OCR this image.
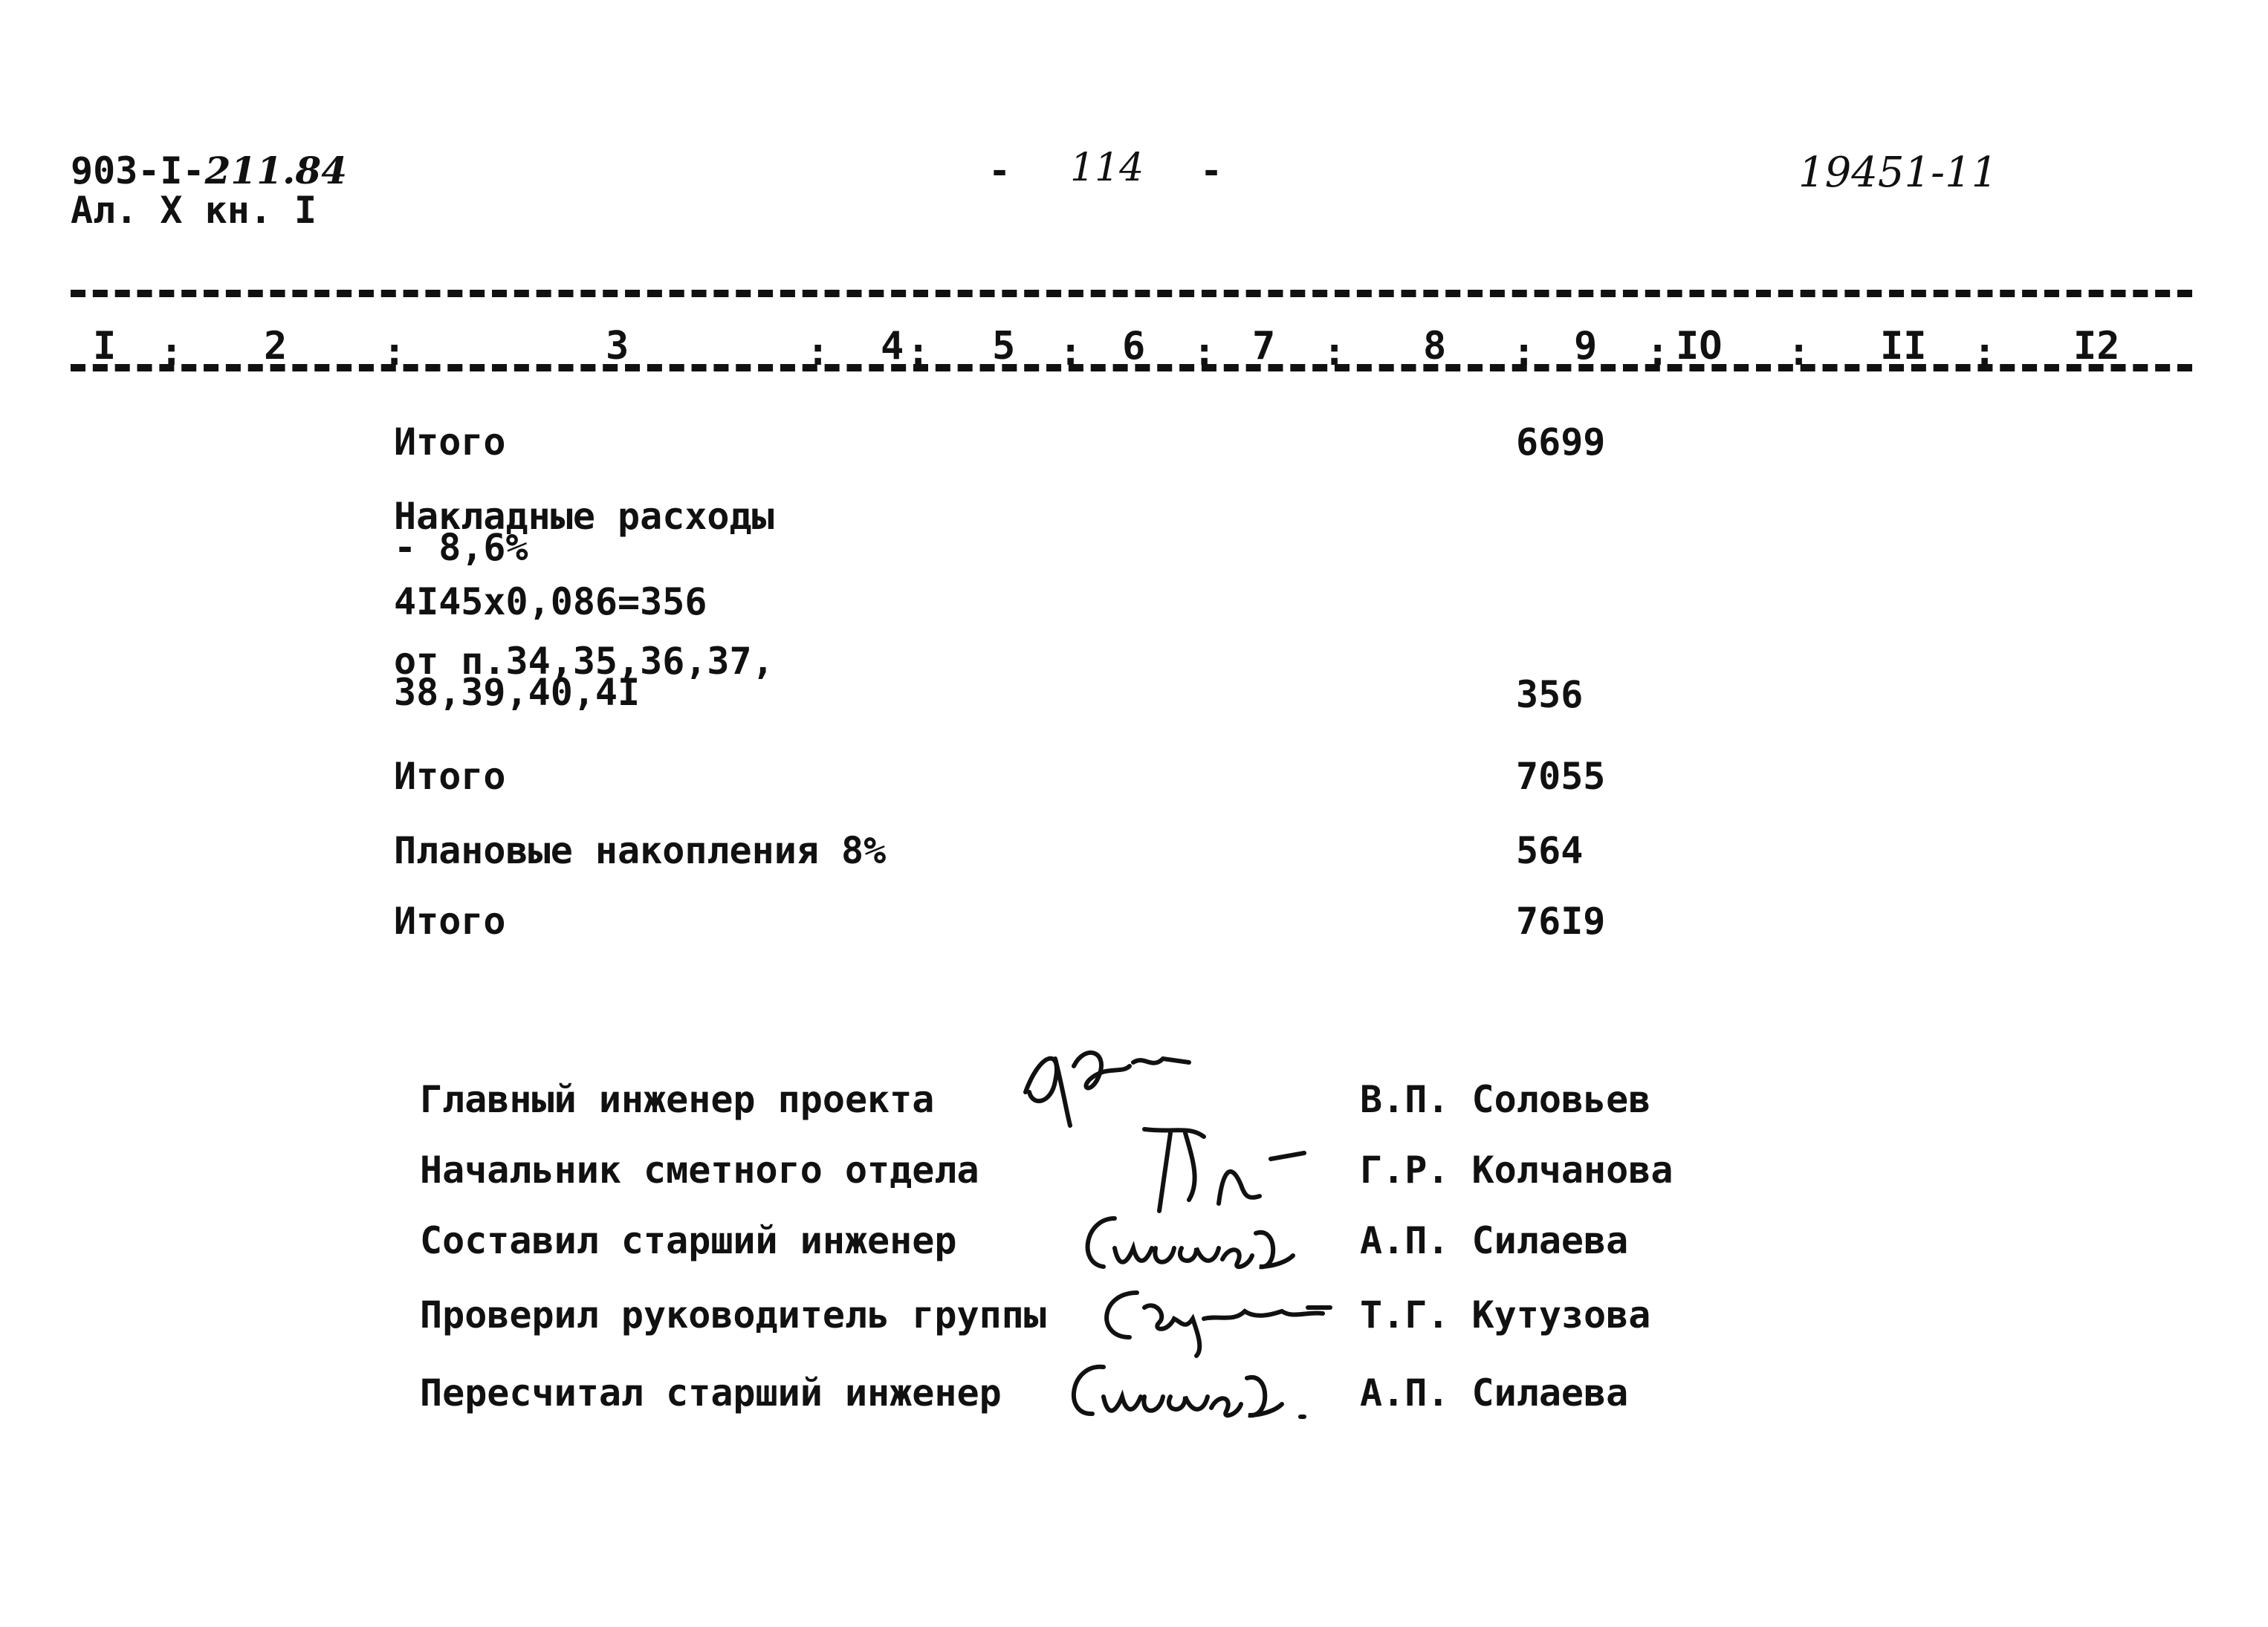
903-I-211.84
Ал. X кн. I
- 114 -	19451-11
I : 2 :	3	: 4 : 5 : 6 : 7 : 8 : 9 : IO : II : I2
Итого	6699
Накладные расходы
- 8,6%
4I45x0,086=356
от п.34,35,36,37,
38,39,40,4I	356
Итого	7055
Плановые накопления 8%	564
Итого	76I9
Главный инженер проекта	В.П. Соловьев
Начальник сметного отдела	Г.Р. Колчанова
Составил старший инженер	А.П. Силаева
Проверил руководитель группы	Т.Г. Кутузова
Пересчитал старший инженер	А.П. Силаева
